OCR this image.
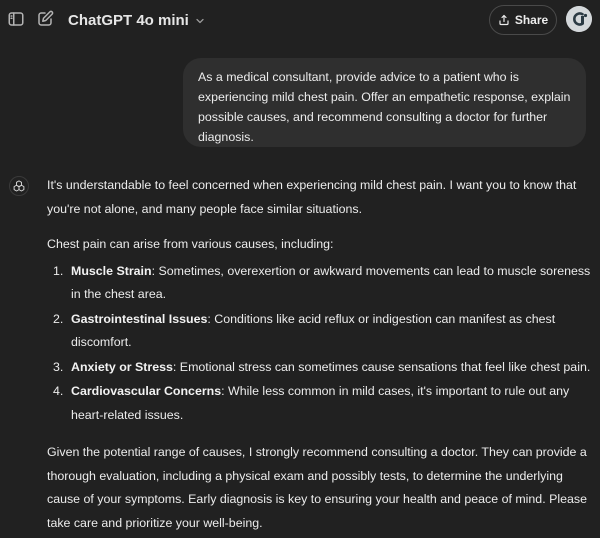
ChatGPT 4o mini	Share
As a medical consultant, provide advice to a patient who is experiencing mild chest pain. Offer an empathetic response, explain possible causes, and recommend consulting a doctor for further diagnosis.

It's understandable to feel concerned when experiencing mild chest pain. I want you to know that you're not alone, and many people face similar situations.

Chest pain can arise from various causes, including:

1. Muscle Strain: Sometimes, overexertion or awkward movements can lead to muscle soreness in the chest area.
2. Gastrointestinal Issues: Conditions like acid reflux or indigestion can manifest as chest discomfort.
3. Anxiety or Stress: Emotional stress can sometimes cause sensations that feel like chest pain.
4. Cardiovascular Concerns: While less common in mild cases, it's important to rule out any heart-related issues.

Given the potential range of causes, I strongly recommend consulting a doctor. They can provide a thorough evaluation, including a physical exam and possibly tests, to determine the underlying cause of your symptoms. Early diagnosis is key to ensuring your health and peace of mind. Please take care and prioritize your well-being.
